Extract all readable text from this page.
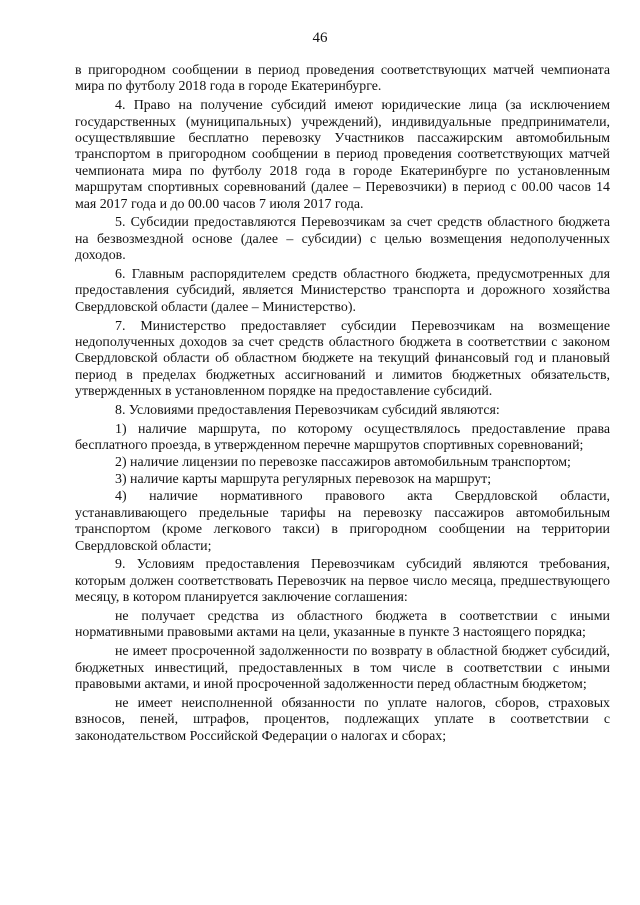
46

в пригородном сообщении в период проведения соответствующих матчей чемпионата мира по футболу 2018 года в городе Екатеринбурге.

4. Право на получение субсидий имеют юридические лица (за исключением государственных (муниципальных) учреждений), индивидуальные предприниматели, осуществлявшие бесплатно перевозку Участников пассажирским автомобильным транспортом в пригородном сообщении в период проведения соответствующих матчей чемпионата мира по футболу 2018 года в городе Екатеринбурге по установленным маршрутам спортивных соревнований (далее – Перевозчики) в период с 00.00 часов 14 мая 2017 года и до 00.00 часов 7 июля 2017 года.

5. Субсидии предоставляются Перевозчикам за счет средств областного бюджета на безвозмездной основе (далее – субсидии) с целью возмещения недополученных доходов.

6. Главным распорядителем средств областного бюджета, предусмотренных для предоставления субсидий, является Министерство транспорта и дорожного хозяйства Свердловской области (далее – Министерство).

7. Министерство предоставляет субсидии Перевозчикам на возмещение недополученных доходов за счет средств областного бюджета в соответствии с законом Свердловской области об областном бюджете на текущий финансовый год и плановый период в пределах бюджетных ассигнований и лимитов бюджетных обязательств, утвержденных в установленном порядке на предоставление субсидий.

8. Условиями предоставления Перевозчикам субсидий являются:

1) наличие маршрута, по которому осуществлялось предоставление права бесплатного проезда, в утвержденном перечне маршрутов спортивных соревнований;

2) наличие лицензии по перевозке пассажиров автомобильным транспортом;

3) наличие карты маршрута регулярных перевозок на маршрут;

4) наличие нормативного правового акта Свердловской области, устанавливающего предельные тарифы на перевозку пассажиров автомобильным транспортом (кроме легкового такси) в пригородном сообщении на территории Свердловской области;

9. Условиям предоставления Перевозчикам субсидий являются требования, которым должен соответствовать Перевозчик на первое число месяца, предшествующего месяцу, в котором планируется заключение соглашения:

не получает средства из областного бюджета в соответствии с иными нормативными правовыми актами на цели, указанные в пункте 3 настоящего порядка;

не имеет просроченной задолженности по возврату в областной бюджет субсидий, бюджетных инвестиций, предоставленных в том числе в соответствии с иными правовыми актами, и иной просроченной задолженности перед областным бюджетом;

не имеет неисполненной обязанности по уплате налогов, сборов, страховых взносов, пеней, штрафов, процентов, подлежащих уплате в соответствии с законодательством Российской Федерации о налогах и сборах;
